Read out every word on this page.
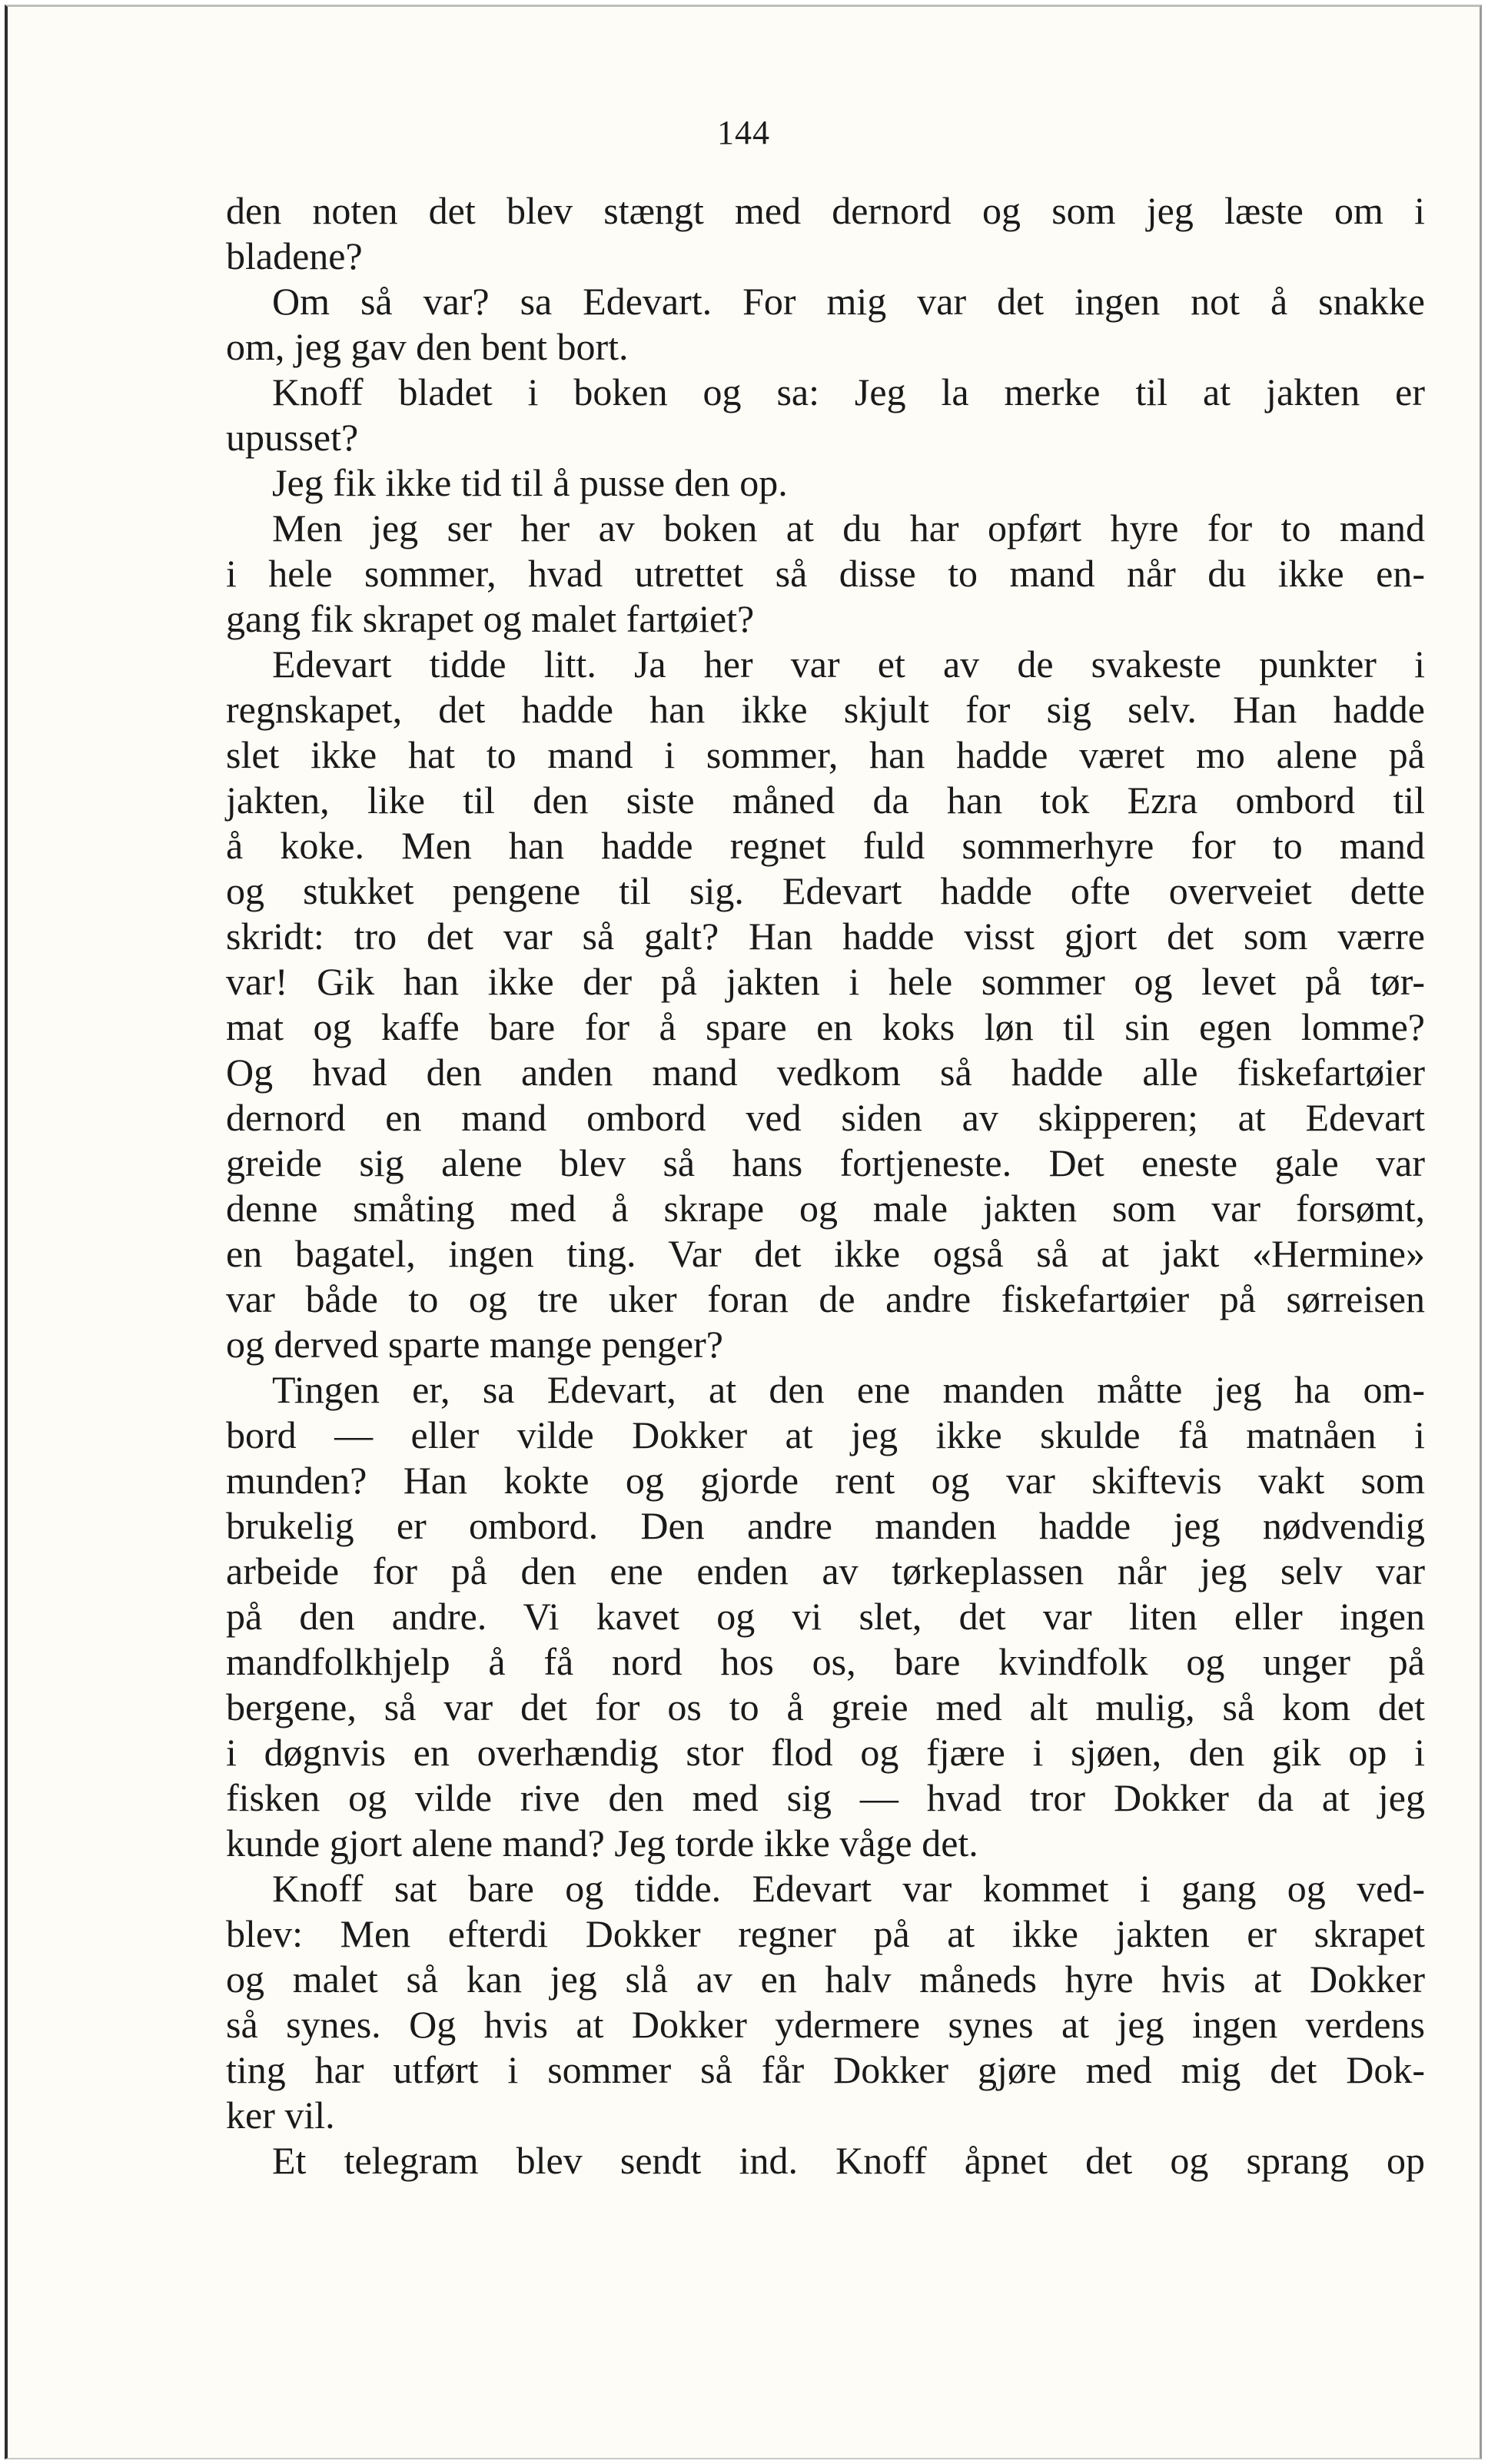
144
den noten det blev stængt med dernord og som jeg læste om i
bladene?
Om så var? sa Edevart. For mig var det ingen not å snakke
om, jeg gav den bent bort.
Knoff bladet i boken og sa: Jeg la merke til at jakten er
upusset?
Jeg fik ikke tid til å pusse den op.
Men jeg ser her av boken at du har opført hyre for to mand
i hele sommer, hvad utrettet så disse to mand når du ikke en-
gang fik skrapet og malet fartøiet?
Edevart tidde litt. Ja her var et av de svakeste punkter i
regnskapet, det hadde han ikke skjult for sig selv. Han hadde
slet ikke hat to mand i sommer, han hadde været mo alene på
jakten, like til den siste måned da han tok Ezra ombord til
å koke. Men han hadde regnet fuld sommerhyre for to mand
og stukket pengene til sig. Edevart hadde ofte overveiet dette
skridt: tro det var så galt? Han hadde visst gjort det som værre
var! Gik han ikke der på jakten i hele sommer og levet på tør-
mat og kaffe bare for å spare en koks løn til sin egen lomme?
Og hvad den anden mand vedkom så hadde alle fiskefartøier
dernord en mand ombord ved siden av skipperen; at Edevart
greide sig alene blev så hans fortjeneste. Det eneste gale var
denne småting med å skrape og male jakten som var forsømt,
en bagatel, ingen ting. Var det ikke også så at jakt «Hermine»
var både to og tre uker foran de andre fiskefartøier på sørreisen
og derved sparte mange penger?
Tingen er, sa Edevart, at den ene manden måtte jeg ha om-
bord — eller vilde Dokker at jeg ikke skulde få matnåen i
munden? Han kokte og gjorde rent og var skiftevis vakt som
brukelig er ombord. Den andre manden hadde jeg nødvendig
arbeide for på den ene enden av tørkeplassen når jeg selv var
på den andre. Vi kavet og vi slet, det var liten eller ingen
mandfolkhjelp å få nord hos os, bare kvindfolk og unger på
bergene, så var det for os to å greie med alt mulig, så kom det
i døgnvis en overhændig stor flod og fjære i sjøen, den gik op i
fisken og vilde rive den med sig — hvad tror Dokker da at jeg
kunde gjort alene mand? Jeg torde ikke våge det.
Knoff sat bare og tidde. Edevart var kommet i gang og ved-
blev: Men efterdi Dokker regner på at ikke jakten er skrapet
og malet så kan jeg slå av en halv måneds hyre hvis at Dokker
så synes. Og hvis at Dokker ydermere synes at jeg ingen verdens
ting har utført i sommer så får Dokker gjøre med mig det Dok-
ker vil.
Et telegram blev sendt ind. Knoff åpnet det og sprang op
